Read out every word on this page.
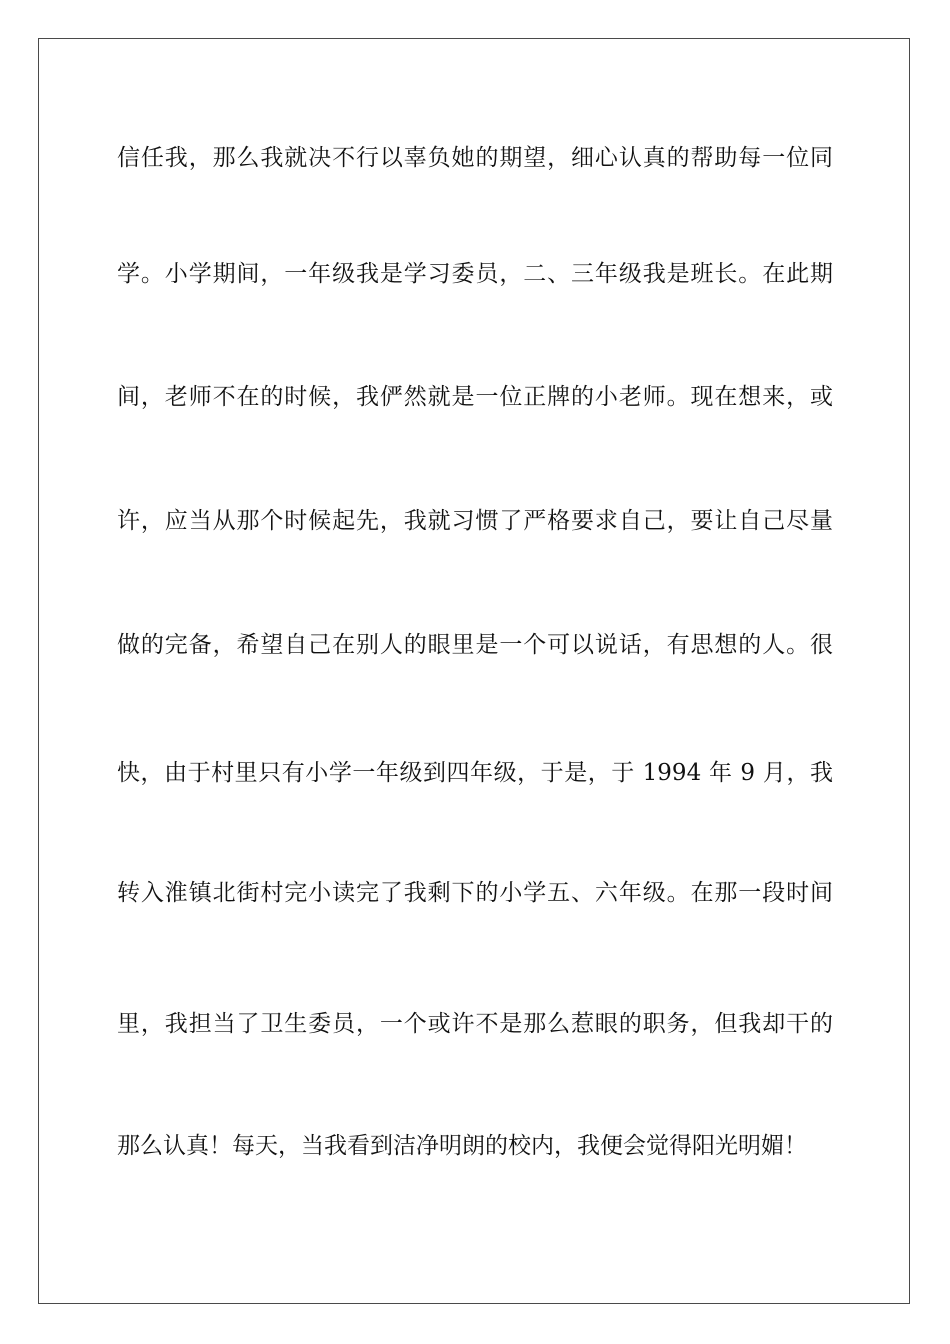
信任我，那么我就决不行以辜负她的期望，细心认真的帮助每一位同
学。小学期间，一年级我是学习委员，二、三年级我是班长。在此期
间，老师不在的时候，我俨然就是一位正牌的小老师。现在想来，或
许，应当从那个时候起先，我就习惯了严格要求自己，要让自己尽量
做的完备，希望自己在别人的眼里是一个可以说话，有思想的人。很
快，由于村里只有小学一年级到四年级，于是，于 1994 年 9 月，我
转入淮镇北街村完小读完了我剩下的小学五、六年级。在那一段时间
里，我担当了卫生委员，一个或许不是那么惹眼的职务，但我却干的
那么认真！每天，当我看到洁净明朗的校内，我便会觉得阳光明媚！
